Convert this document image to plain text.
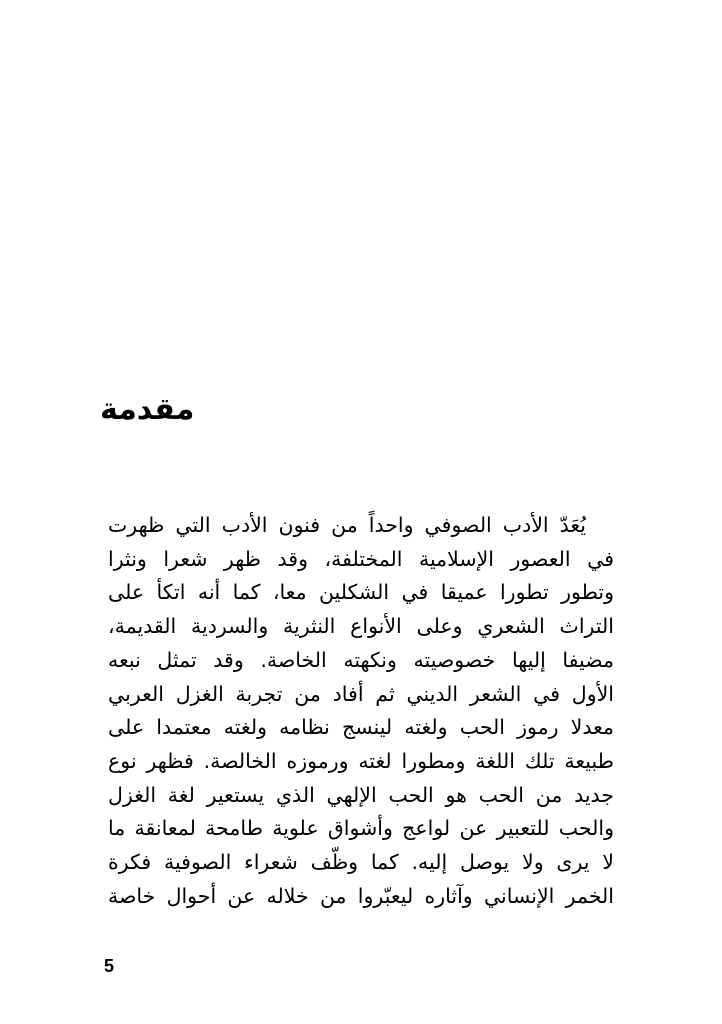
مقدمة
يُعَدّ الأدب الصوفي واحداً من فنون الأدب التي ظهرت
في العصور الإسلامية المختلفة، وقد ظهر شعرا ونثرا
وتطور تطورا عميقا في الشكلين معا، كما أنه اتكأ على
التراث الشعري وعلى الأنواع النثرية والسردية القديمة،
مضيفا إليها خصوصيته ونكهته الخاصة. وقد تمثل نبعه
الأول في الشعر الديني ثم أفاد من تجربة الغزل العربي
معدلا رموز الحب ولغته لينسج نظامه ولغته معتمدا على
طبيعة تلك اللغة ومطورا لغته ورموزه الخالصة. فظهر نوع
جديد من الحب هو الحب الإلهي الذي يستعير لغة الغزل
والحب للتعبير عن لواعج وأشواق علوية طامحة لمعانقة ما
لا يرى ولا يوصل إليه. كما وظّف شعراء الصوفية فكرة
الخمر الإنساني وآثاره ليعبّروا من خلاله عن أحوال خاصة
5
